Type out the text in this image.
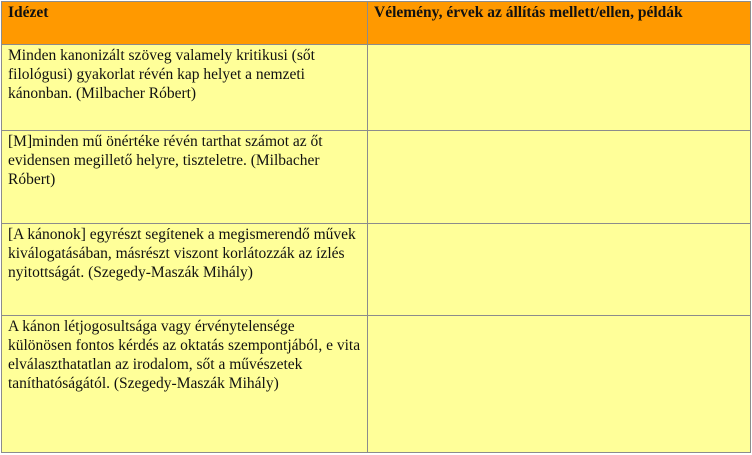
Idézet	Vélemény, érvek az állítás mellett/ellen, példák

Minden kanonizált szöveg valamely kritikusi (sőt filológusi) gyakorlat révén kap helyet a nemzeti kánonban. (Milbacher Róbert)	

[M]minden mű önértéke révén tarthat számot az őt evidensen megillető helyre, tiszteletre. (Milbacher Róbert)	

[A kánonok] egyrészt segítenek a megismerendő művek kiválogatásában, másrészt viszont korlátozzák az ízlés nyitottságát. (Szegedy-Maszák Mihály)	

A kánon létjogosultsága vagy érvénytelensége különösen fontos kérdés az oktatás szempontjából, e vita elválaszthatatlan az irodalom, sőt a művészetek taníthatóságától. (Szegedy-Maszák Mihály)	
